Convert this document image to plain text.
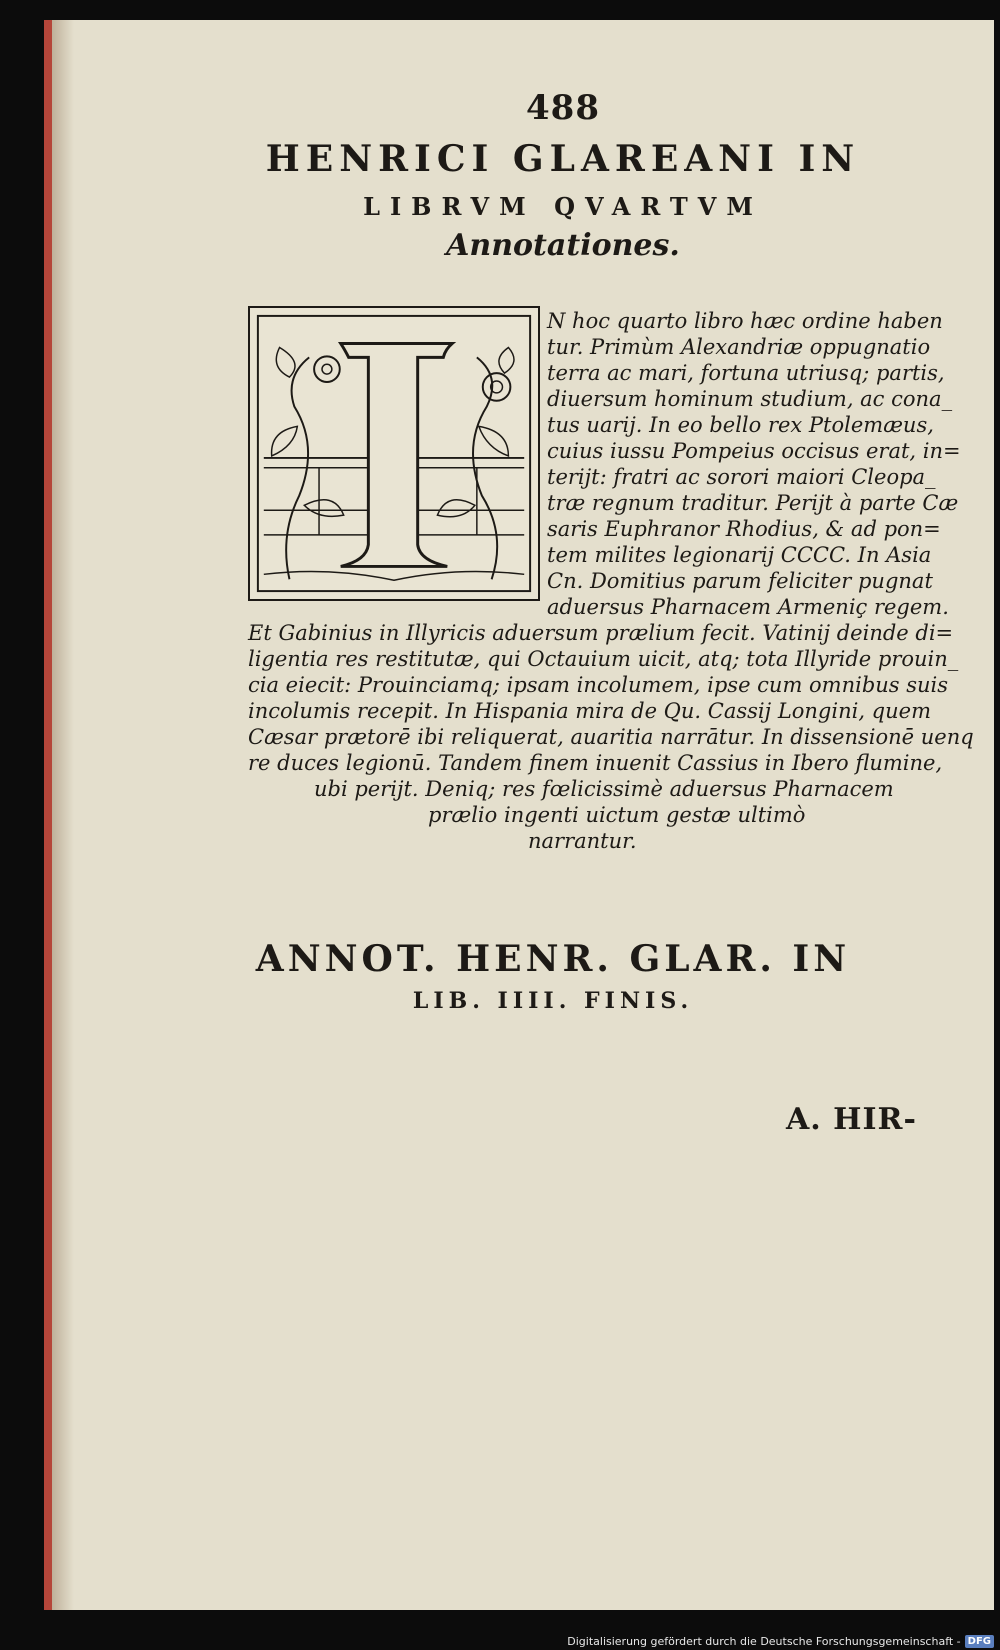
488
HENRICI GLAREANI IN
LIBRVM QVARTVM
Annotationes.
N hoc quarto libro hæc ordine haben
tur. Primùm Alexandriæ oppugnatio
terra ac mari, fortuna utriusq; partis,
diuersum hominum studium, ac cona_
tus uarij. In eo bello rex Ptolemæus,
cuius iussu Pompeius occisus erat, in=
terijt: fratri ac sorori maiori Cleopa_
træ regnum traditur. Perijt à parte Cæ
saris Euphranor Rhodius, & ad pon=
tem milites legionarij CCCC. In Asia
Cn. Domitius parum feliciter pugnat
aduersus Pharnacem Armeniç regem.
Et Gabinius in Illyricis aduersum prælium fecit. Vatinij deinde di=
ligentia res restitutæ, qui Octauium uicit, atq; tota Illyride prouin_
cia eiecit: Prouinciamq; ipsam incolumem, ipse cum omnibus suis
incolumis recepit. In Hispania mira de Qu. Cassij Longini, quem
Cæsar prætorē ibi reliquerat, auaritia narrātur. In dissensionē uenq
re duces legionū. Tandem finem inuenit Cassius in Ibero flumine,
ubi perijt. Deniq; res fœlicissimè aduersus Pharnacem
prælio ingenti uictum gestæ ultimò
narrantur.
ANNOT. HENR. GLAR. IN
LIB. IIII. FINIS.
A. HIR-
Digitalisierung gefördert durch die Deutsche Forschungsgemeinschaft - DFG
